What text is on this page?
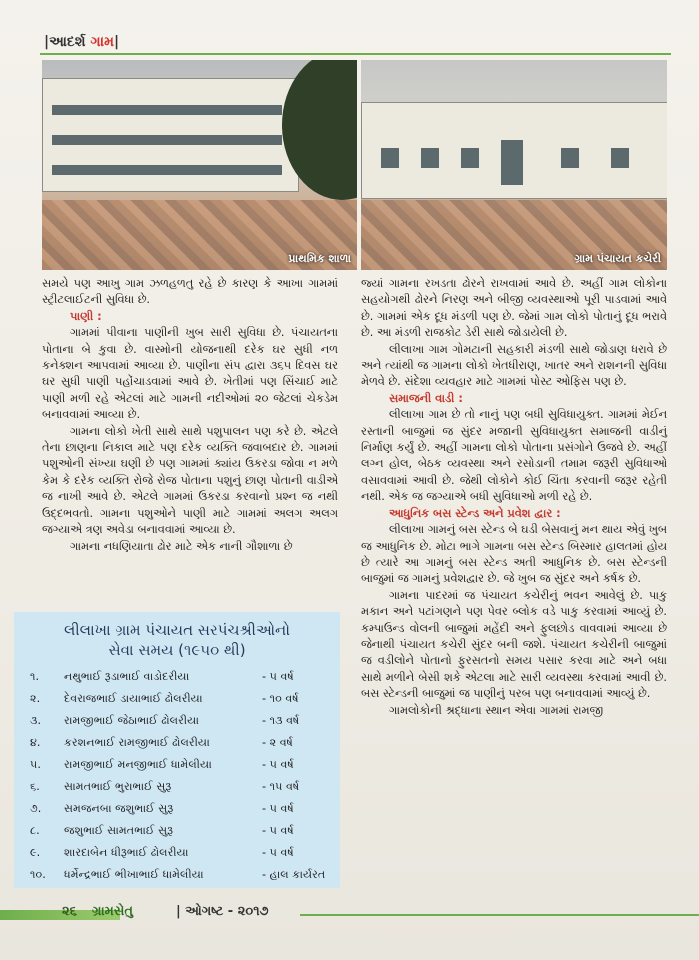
|આદર્શ ગામ|
પ્રાથમિક શાળા	ગ્રામ પંચાયત કચેરી

સમયે પણ આખુ ગામ ઝળહળતુ રહે છે કારણ કે આખા ગામમાં સ્ટ્રીટલાઈટની સુવિધા છે.

પાણી :

ગામમાં પીવાના પાણીની ખુબ સારી સુવિધા છે. પંચાયતના પોતાના બે કુવા છે. વાસ્મોની યોજનાથી દરેક ઘર સુધી નળ કનેક્શન આપવામાં આવ્યા છે. પાણીના સંપ દ્વારા ૩૬૫ દિવસ ઘર ઘર સુધી પાણી પહોંચાડવામાં આવે છે. ખેતીમાં પણ સિંચાઈ માટે પાણી મળી રહે એટલાં માટે ગામની નદીઓમાં ૨૦ જેટલાં ચેકડેમ બનાવવામાં આવ્યા છે.

ગામના લોકો ખેતી સાથે સાથે પશુપાલન પણ કરે છે. એટલે તેના છાણના નિકાલ માટે પણ દરેક વ્યક્તિ જવાબદાર છે. ગામમાં પશુઓની સંખ્યા ઘણી છે પણ ગામમાં ક્યાંય ઉકરડા જોવા ન મળે કેમ કે દરેક વ્યક્તિ રોજે રોજ પોતાના પશુનું છાણ પોતાની વાડીએ જ નાખી આવે છે. એટલે ગામમાં ઉકરડા કરવાનો પ્રશ્ન જ નથી ઉદ્દભવતો. ગામના પશુઓને પાણી માટે ગામમાં અલગ અલગ જગ્યાએ ત્રણ અવેડા બનાવવામાં આવ્યા છે.

ગામના નધણિયાતા ઢોર માટે એક નાની ગૌશાળા છે

જ્યાં ગામના રખડતા ઢોરને રાખવામાં આવે છે. અહીં ગામ લોકોના સહયોગથી ઢોરને નિરણ અને બીજી વ્યવસ્થાઓ પૂરી પાડવામાં આવે છે. ગામમાં એક દૂધ મંડળી પણ છે. જેમાં ગામ લોકો પોતાનું દૂધ ભરાવે છે. આ મંડળી રાજકોટ ડેરી સાથે જોડાયેલી છે.

લીલાખા ગામ ગોમટાની સહકારી મંડળી સાથે જોડાણ ધરાવે છે અને ત્યાંથી જ ગામના લોકો ખેતધીરાણ, ખાતર અને રાશનની સુવિધા મેળવે છે. સંદેશા વ્યવહાર માટે ગામમાં પોસ્ટ ઓફિસ પણ છે.

સમાજની વાડી :

લીલાખા ગામ છે તો નાનું પણ બધી સુવિધાયુક્ત. ગામમાં મેઈન રસ્તાની બાજુમાં જ સુંદર મજાની સુવિધાયુક્ત સમાજની વાડીનું નિર્માણ કર્યું છે. અહીં ગામના લોકો પોતાના પ્રસંગોને ઉજવે છે. અહીં લગ્ન હોલ, બેઠક વ્યવસ્થા અને રસોડાની તમામ જરૂરી સુવિધાઓ વસાવવામાં આવી છે. જેથી લોકોને કોઈ ચિંતા કરવાની જરૂર રહેતી નથી. એક જ જગ્યાએ બધી સુવિધાઓ મળી રહે છે.

આધુનિક બસ સ્ટેન્ડ અને પ્રવેશ દ્વાર :

લીલાખા ગામનું બસ સ્ટેન્ડ બે ઘડી બેસવાનું મન થાય એવું ખુબ જ આધુનિક છે. મોટા ભાગે ગામના બસ સ્ટેન્ડ બિસ્માર હાલતમાં હોય છે ત્યારે આ ગામનું બસ સ્ટેન્ડ અતી આધુનિક છે. બસ સ્ટેન્ડની બાજુમાં જ ગામનું પ્રવેશદ્વાર છે. જે ખુબ જ સુંદર અને કર્ષક છે.

ગામના પાદરમાં જ પંચાયત કચેરીનું ભવન આવેલું છે. પાકુ મકાન અને પટાંગણને પણ પેવર બ્લોક વડે પાકુ કરવામાં આવ્યું છે. કમ્પાઉન્ડ વોલની બાજુમાં મહેંદી અને ફુલછોડ વાવવામાં આવ્યા છે જેનાથી પંચાયત કચેરી સુંદર બની જશે. પંચાયત કચેરીની બાજુમાં જ વડીલોને પોતાનો ફુરસતનો સમય પસાર કરવા માટે અને બધા સાથે મળીને બેસી શકે એટલા માટે સારી વ્યવસ્થા કરવામાં આવી છે. બસ સ્ટેન્ડની બાજુમાં જ પાણીનું પરબ પણ બનાવવામાં આવ્યું છે.

ગામલોકોની શ્રદ્ધાના સ્થાન એવા ગામમાં રામજી

લીલાખા ગ્રામ પંચાયત સરપંચશ્રીઓનો
સેવા સમય (૧૯૫૦ થી)
૧.	નથુભાઈ રૂડાભાઈ વાડોદરીયા	- ૫ વર્ષ
૨.	દેવરાજભાઈ ડાયાભાઈ ઢોલરીયા	- ૧૦ વર્ષ
૩.	રામજીભાઈ જેઠાભાઈ ઢોલરીયા	- ૧૩ વર્ષ
૪.	કરશનભાઈ રામજીભાઈ ઢોલરીયા	- ૨ વર્ષ
૫.	રામજીભાઈ મનજીભાઈ ધામેલીયા	- ૫ વર્ષ
૬.	સામતભાઈ ભુરાભાઈ સુરૂ	- ૧૫ વર્ષ
૭.	સમજનબા જશુભાઈ સુરૂ	- ૫ વર્ષ
૮.	જશુભાઈ સામતભાઈ સુરૂ	- ૫ વર્ષ
૯.	શારદાબેન ધીરૂભાઈ ઢોલરીયા	- ૫ વર્ષ
૧૦.	ધર્મેન્દ્રભાઈ ભીખાભાઈ ધામેલીયા	- હાલ કાર્યરત
૨૬ ગ્રામસેતુ	| ઓગષ્ટ - ૨૦૧૭
